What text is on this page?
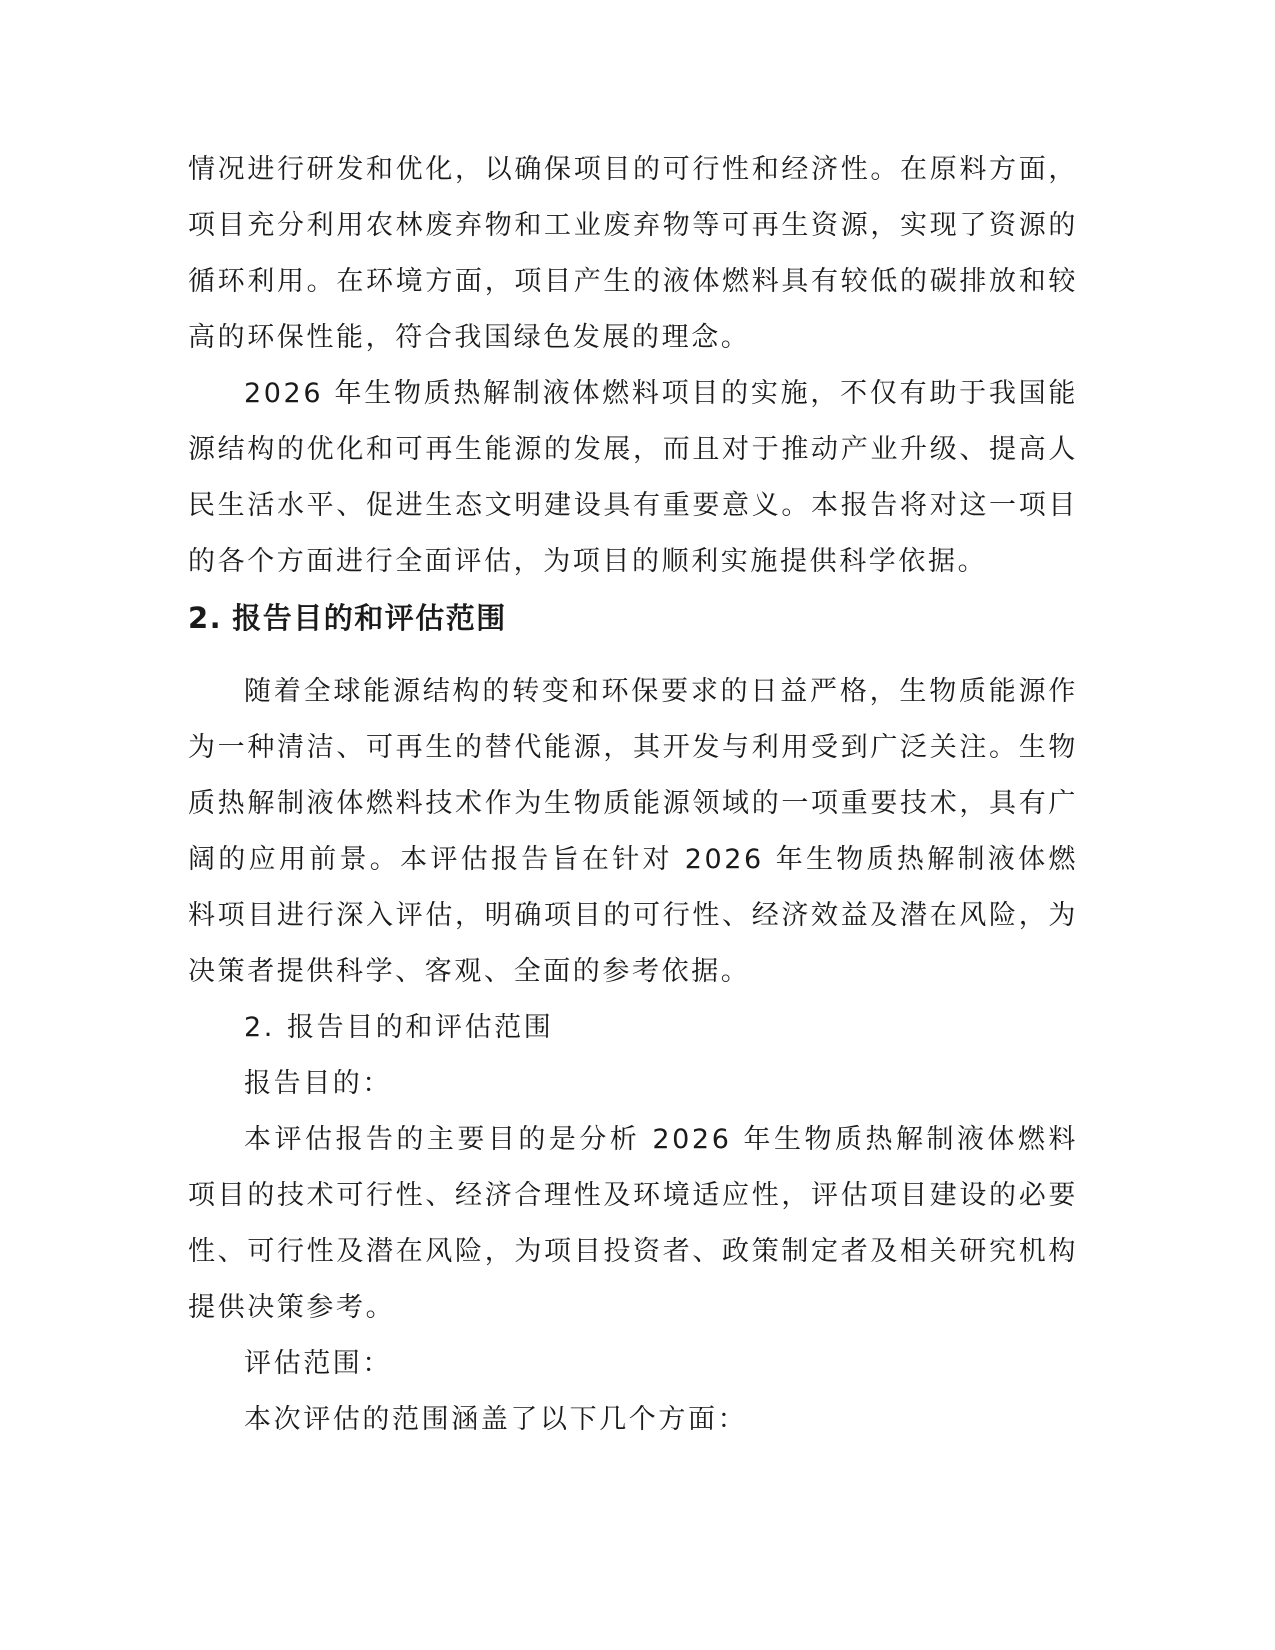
情况进行研发和优化，以确保项目的可行性和经济性。在原料方面，项目充分利用农林废弃物和工业废弃物等可再生资源，实现了资源的循环利用。在环境方面，项目产生的液体燃料具有较低的碳排放和较高的环保性能，符合我国绿色发展的理念。

2026 年生物质热解制液体燃料项目的实施，不仅有助于我国能源结构的优化和可再生能源的发展，而且对于推动产业升级、提高人民生活水平、促进生态文明建设具有重要意义。本报告将对这一项目的各个方面进行全面评估，为项目的顺利实施提供科学依据。

2. 报告目的和评估范围

随着全球能源结构的转变和环保要求的日益严格，生物质能源作为一种清洁、可再生的替代能源，其开发与利用受到广泛关注。生物质热解制液体燃料技术作为生物质能源领域的一项重要技术，具有广阔的应用前景。本评估报告旨在针对 2026 年生物质热解制液体燃料项目进行深入评估，明确项目的可行性、经济效益及潜在风险，为决策者提供科学、客观、全面的参考依据。

2. 报告目的和评估范围

报告目的：

本评估报告的主要目的是分析 2026 年生物质热解制液体燃料项目的技术可行性、经济合理性及环境适应性，评估项目建设的必要性、可行性及潜在风险，为项目投资者、政策制定者及相关研究机构提供决策参考。

评估范围：

本次评估的范围涵盖了以下几个方面：
